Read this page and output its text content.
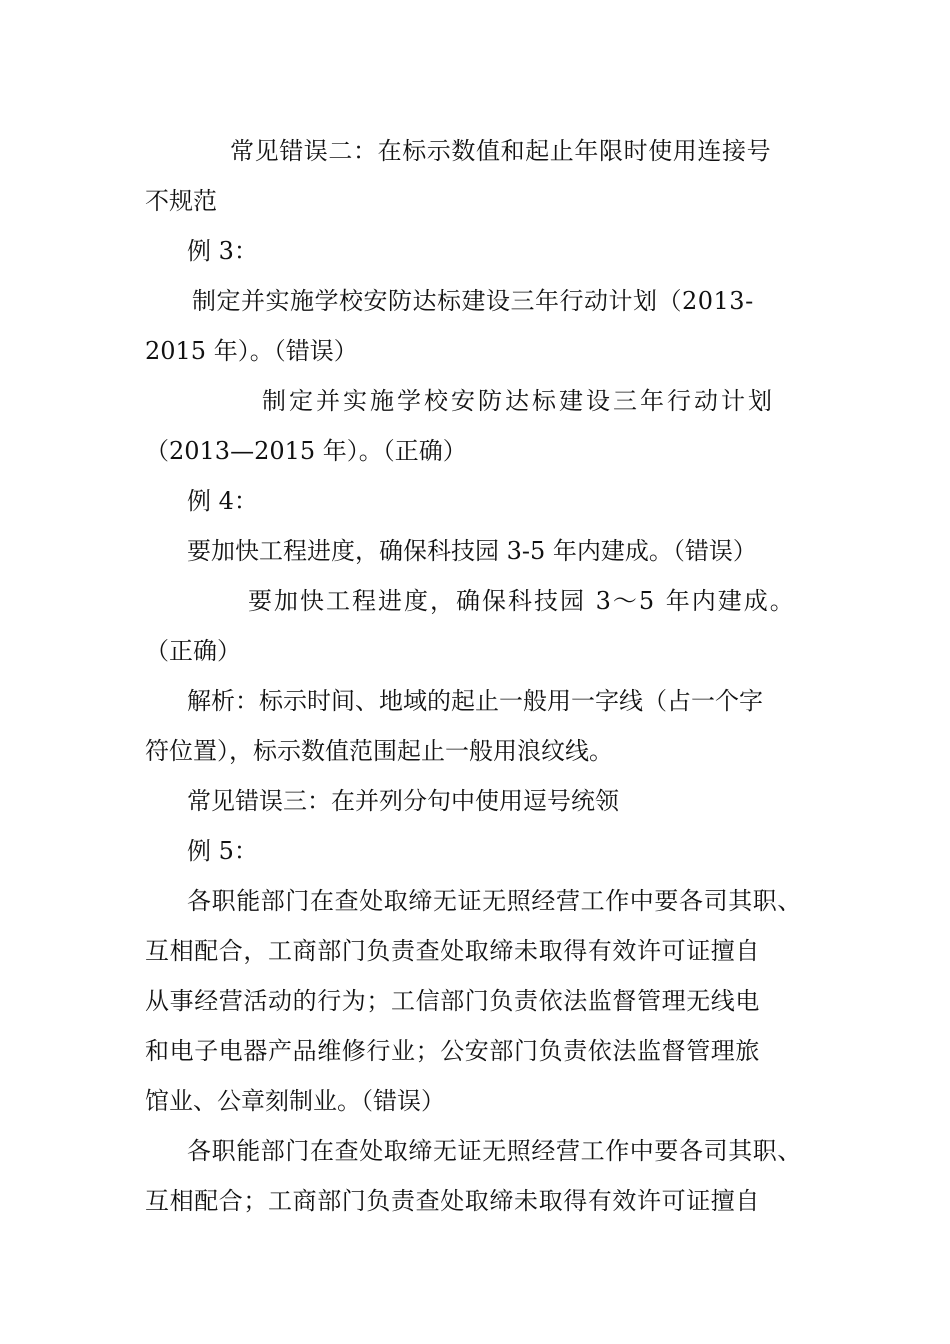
常见错误二：在标示数值和起止年限时使用连接号
不规范
例 3：
制定并实施学校安防达标建设三年行动计划（2013-
2015 年）。（错误）
制定并实施学校安防达标建设三年行动计划
（2013—2015 年）。（正确）
例 4：
要加快工程进度，确保科技园 3-5 年内建成。（错误）
要加快工程进度，确保科技园 3～5 年内建成。
（正确）
解析：标示时间、地域的起止一般用一字线（占一个字
符位置），标示数值范围起止一般用浪纹线。
常见错误三：在并列分句中使用逗号统领
例 5：
各职能部门在查处取缔无证无照经营工作中要各司其职、
互相配合，工商部门负责查处取缔未取得有效许可证擅自
从事经营活动的行为；工信部门负责依法监督管理无线电
和电子电器产品维修行业；公安部门负责依法监督管理旅
馆业、公章刻制业。（错误）
各职能部门在查处取缔无证无照经营工作中要各司其职、
互相配合；工商部门负责查处取缔未取得有效许可证擅自
